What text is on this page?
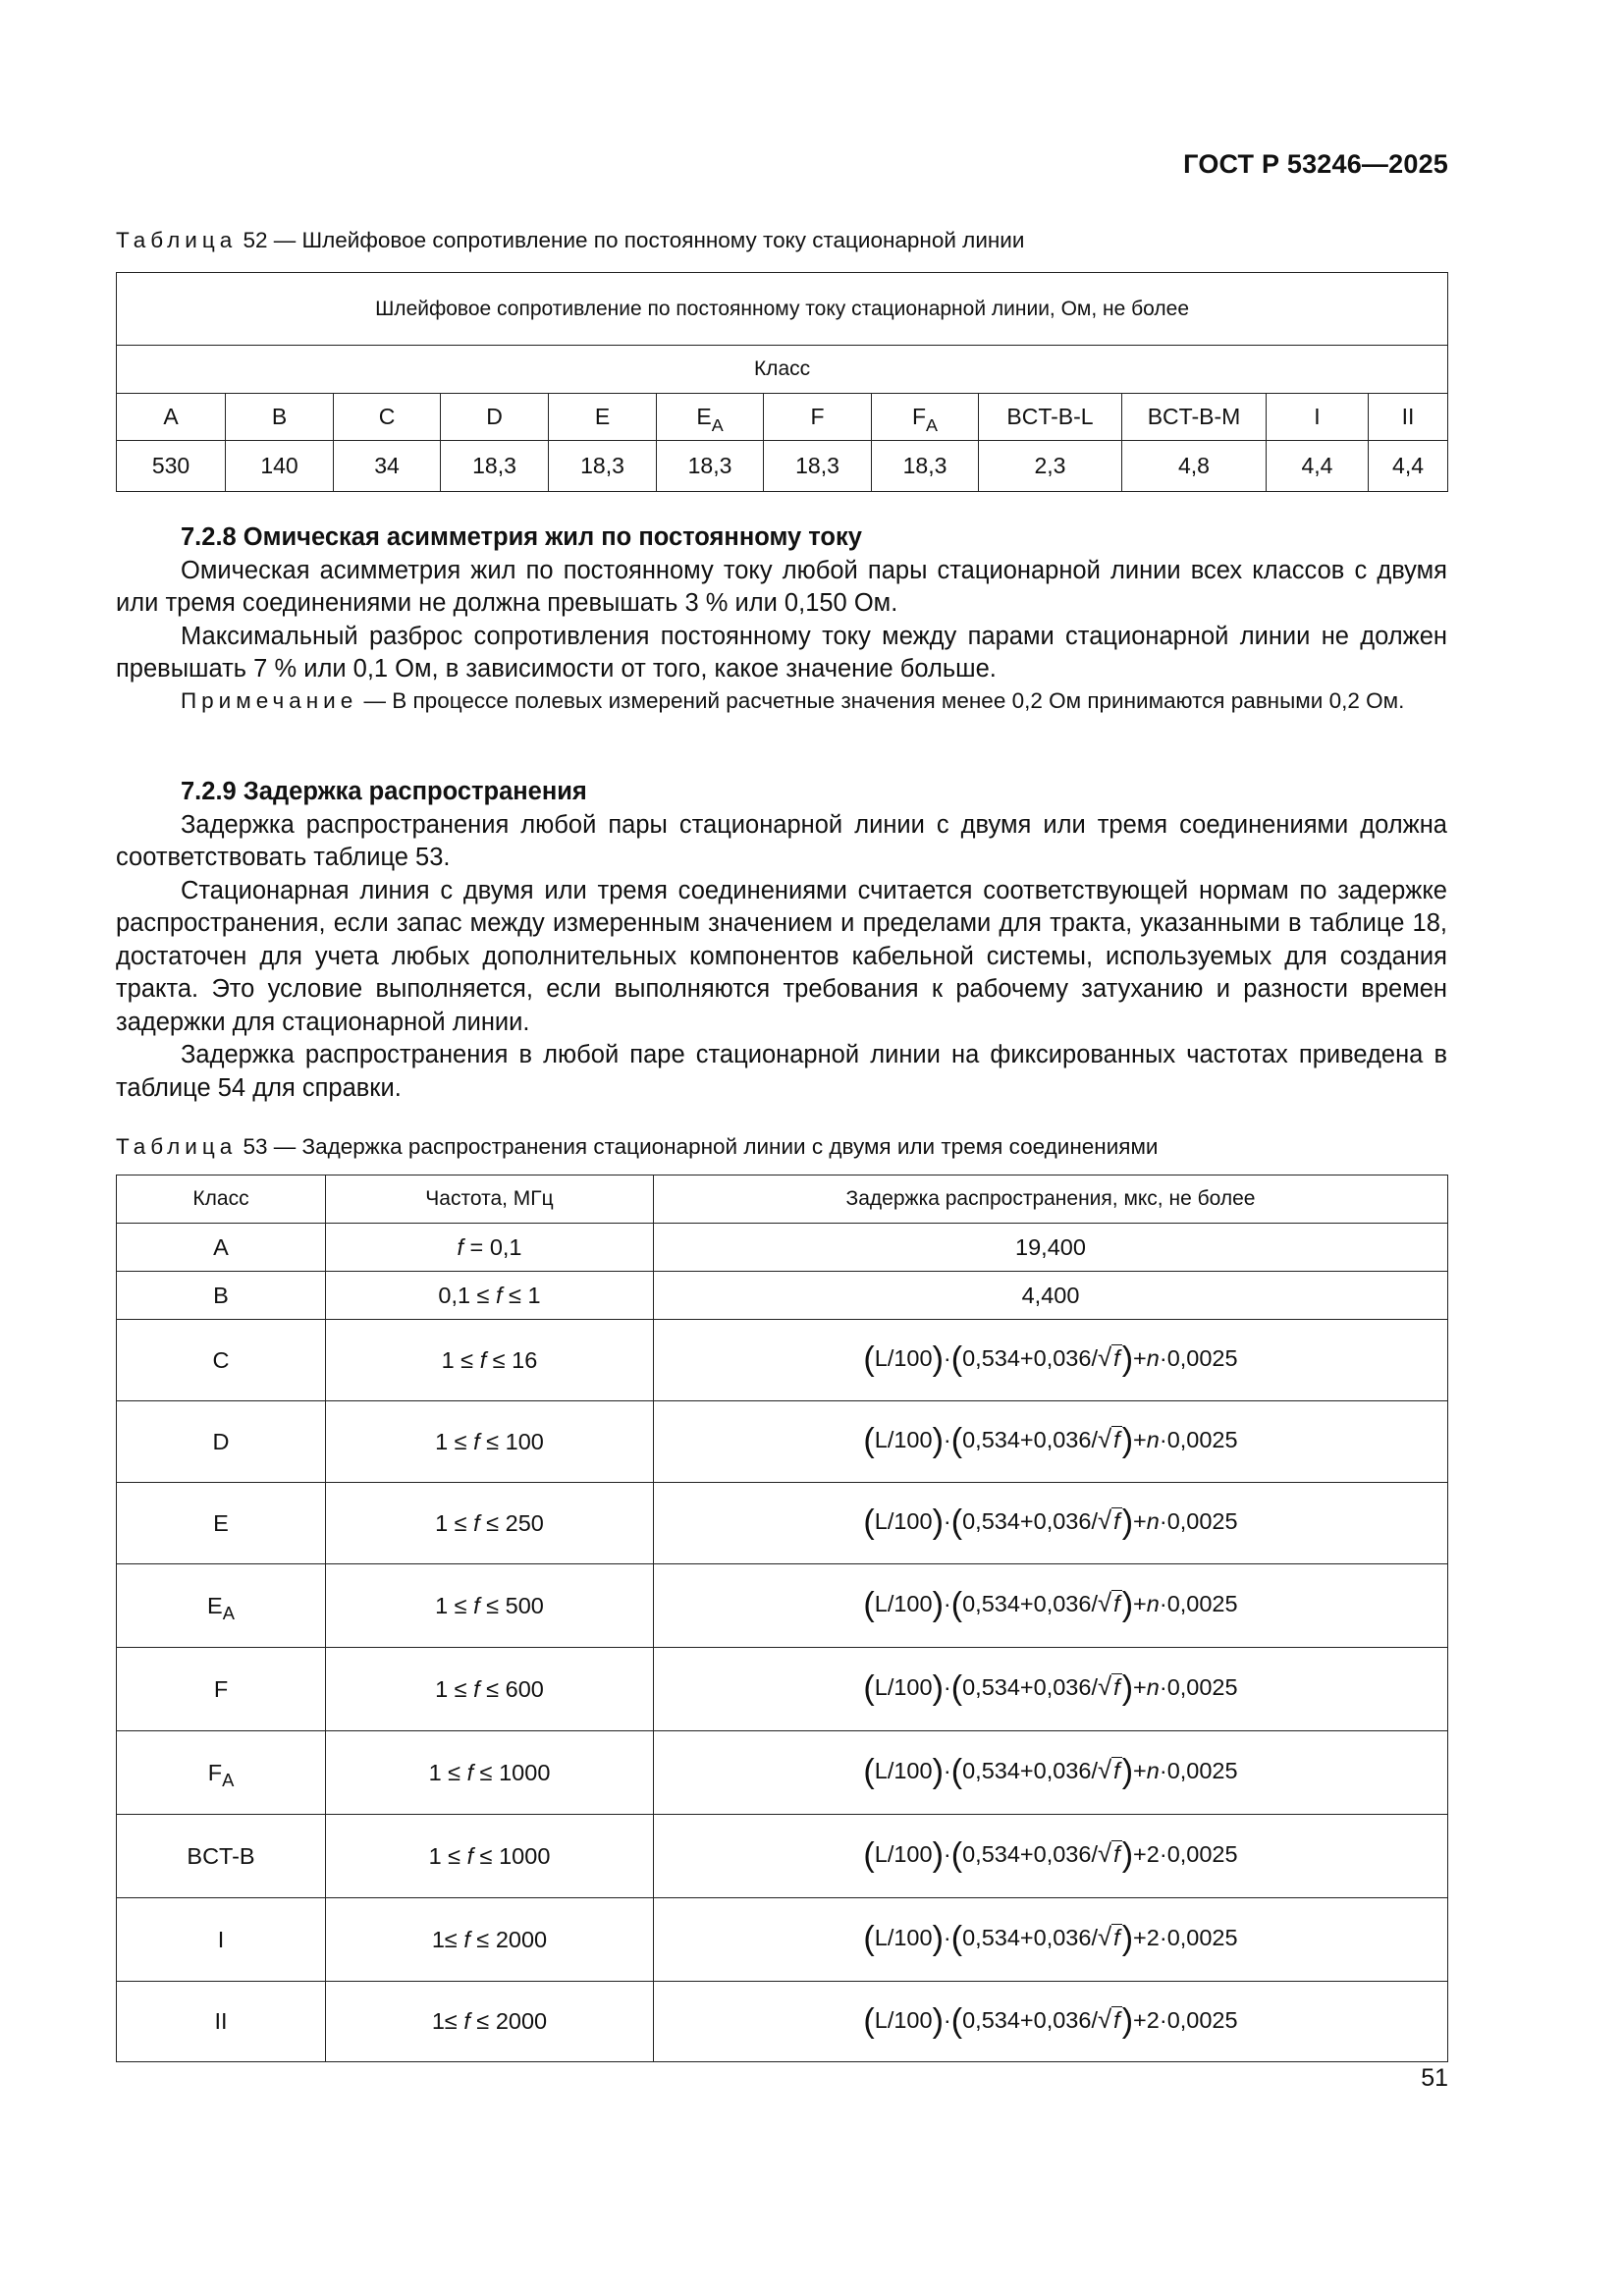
ГОСТ Р 53246—2025
Таблица 52 — Шлейфовое сопротивление по постоянному току стационарной линии
Шлейфовое сопротивление по постоянному току стационарной линии, Ом, не более											
Класс											
A	B	C	D	E	$E_A$	F	$F_A$	BCT-B-L	BCT-B-M	I	II
530	140	34	18,3	18,3	18,3	18,3	18,3	2,3	4,8	4,4	4,4
7.2.8 Омическая асимметрия жил по постоянному току

Омическая асимметрия жил по постоянному току любой пары стационарной линии всех классов с двумя или тремя соединениями не должна превышать 3 % или 0,150 Ом.

Максимальный разброс сопротивления постоянному току между парами стационарной линии не должен превышать 7 % или 0,1 Ом, в зависимости от того, какое значение больше.

Примечание — В процессе полевых измерений расчетные значения менее 0,2 Ом принимаются равными 0,2 Ом.

7.2.9 Задержка распространения

Задержка распространения любой пары стационарной линии с двумя или тремя соединениями должна соответствовать таблице 53.

Стационарная линия с двумя или тремя соединениями считается соответствующей нормам по задержке распространения, если запас между измеренным значением и пределами для тракта, указанными в таблице 18, достаточен для учета любых дополнительных компонентов кабельной системы, используемых для создания тракта. Это условие выполняется, если выполняются требования к рабочему затуханию и разности времен задержки для стационарной линии.

Задержка распространения в любой паре стационарной линии на фиксированных частотах приведена в таблице 54 для справки.

Таблица 53 — Задержка распространения стационарной линии с двумя или тремя соединениями
Класс	Частота, МГц	Задержка распространения, мкс, не более
A	f = 0,1	19,400
B	0,1 ≤ f ≤ 1	4,400
C	1 ≤ f ≤ 16	(L/100)·(0,534+0,036/√f)+n·0,0025
D	1 ≤ f ≤ 100	(L/100)·(0,534+0,036/√f)+n·0,0025
E	1 ≤ f ≤ 250	(L/100)·(0,534+0,036/√f)+n·0,0025
$E_A$	1 ≤ f ≤ 500	(L/100)·(0,534+0,036/√f)+n·0,0025
F	1 ≤ f ≤ 600	(L/100)·(0,534+0,036/√f)+n·0,0025
$F_A$	1 ≤ f ≤ 1000	(L/100)·(0,534+0,036/√f)+n·0,0025
BCT-B	1 ≤ f ≤ 1000	(L/100)·(0,534+0,036/√f)+2·0,0025
I	1≤ f ≤ 2000	(L/100)·(0,534+0,036/√f)+2·0,0025
II	1≤ f ≤ 2000	(L/100)·(0,534+0,036/√f)+2·0,0025
51
